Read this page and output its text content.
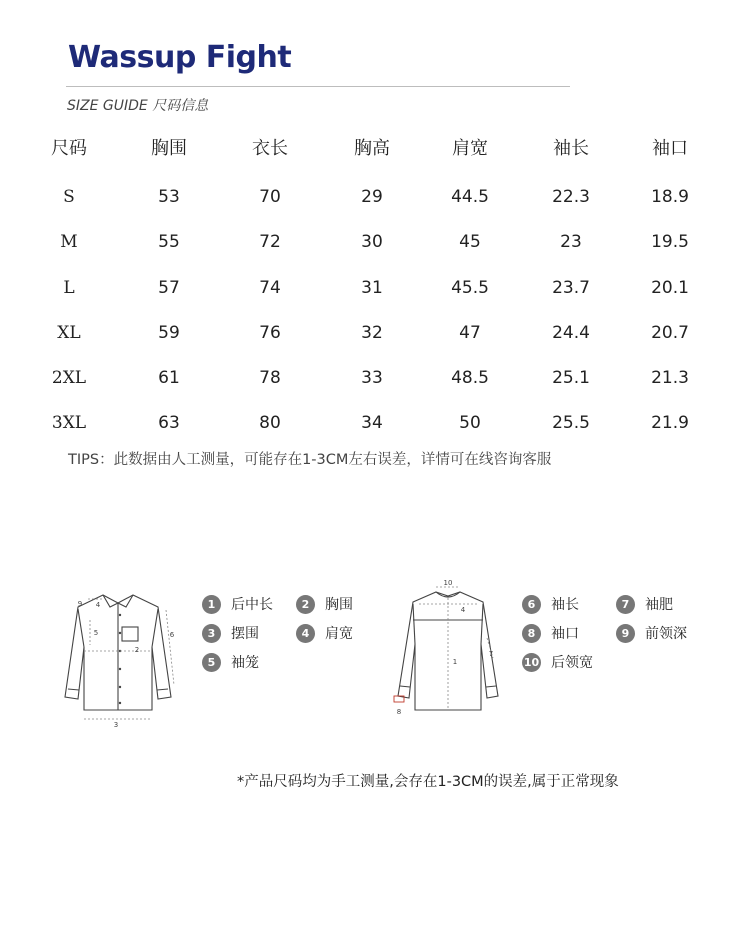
Wassup Fight
SIZE GUIDE 尺码信息
尺码	胸围	衣长	胸高	肩宽	袖长	袖口
S	53	70	29	44.5	22.3	18.9
M	55	72	30	45	23	19.5
L	57	74	31	45.5	23.7	20.1
XL	59	76	32	47	24.4	20.7
2XL	61	78	33	48.5	25.1	21.3
3XL	63	80	34	50	25.5	21.9
TIPS：此数据由人工测量，可能存在1-3CM左右误差，详情可在线咨询客服
9 4
5	6
2
3
1	后中长	2	胸围
3	摆围	4	肩宽
5	袖笼
10
4
1
7
8
6	袖长	7	袖肥
8	袖口	9	前领深
10 后领宽
*产品尺码均为手工测量,会存在1-3CM的误差,属于正常现象
